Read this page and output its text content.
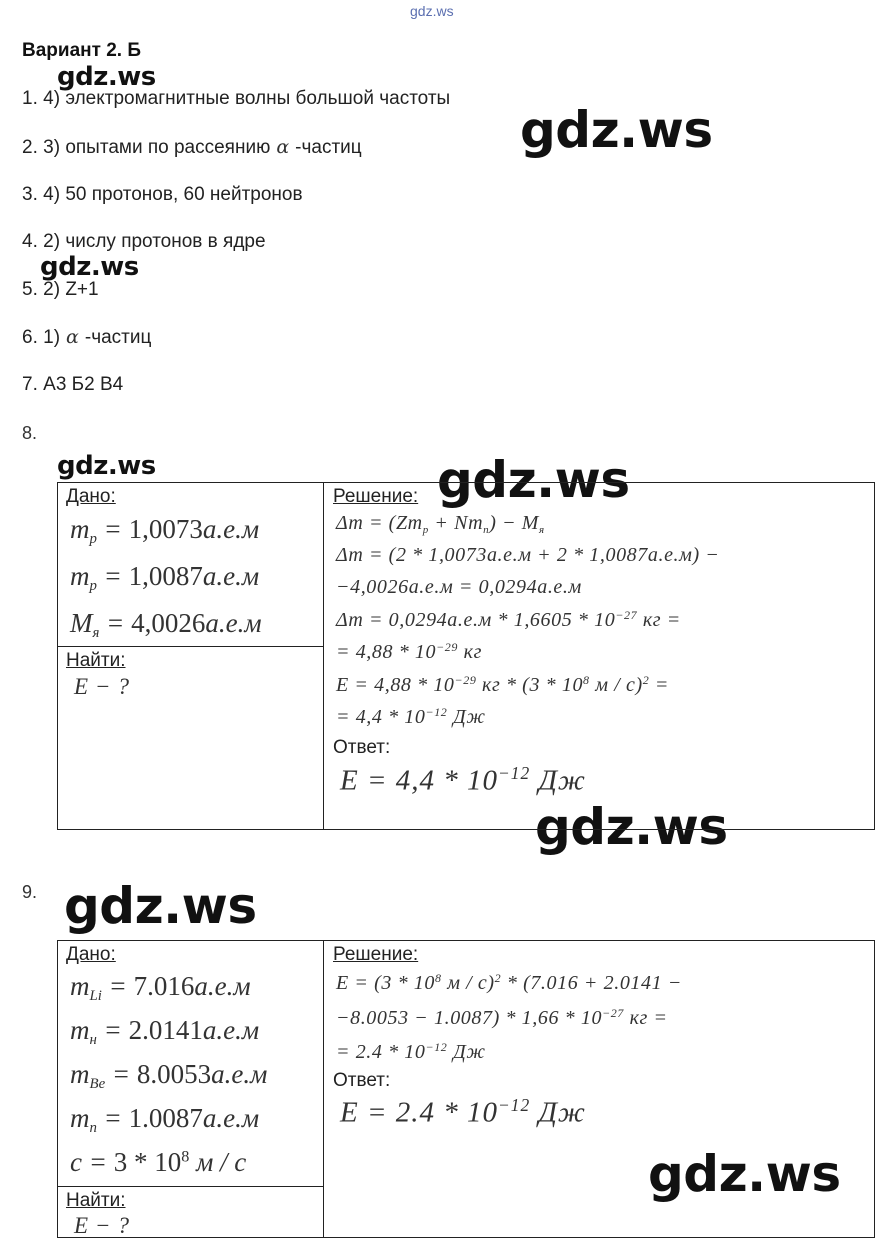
gdz.ws
Вариант 2. Б
1. 4) электромагнитные волны большой частоты
2. 3) опытами по рассеянию α -частиц
3. 4) 50 протонов, 60 нейтронов
4. 2) числу протонов в ядре
5. 2) Z+1
6. 1) α -частиц
7. А3 Б2 В4
gdz.ws
gdz.ws
gdz.ws
gdz.ws	gdz.ws
gdz.ws
gdz.ws
gdz.ws
8.
Дано:
$m_p = 1,0073а.е.м$
$m_p = 1,0087а.е.м$
$M_я = 4,0026а.е.м$
Найти:
E − ?
Решение:
$\Delta m = (Zm_p + Nm_n) - M_я$
Δm = (2 * 1,0073а.е.м + 2 * 1,0087а.е.м) −
−4,0026а.е.м = 0,0294а.е.м
$\Delta m = 0,0294а.е.м * 1,6605 * 10^{-27}$ кг =
= $4,88 * 10^{-29}$ кг
$E = 4,88 * 10^{-29}$ кг * ($3 * 10^8$ м / с)$^2$ =
= $4,4 * 10^{-12}$ Дж
Ответ:
$E = 4,4 * 10^{-12}$ Дж
9.
Дано:
$m_{Li} = 7.016а.е.м$
$m_н = 2.0141а.е.м$
$m_{Be} = 8.0053а.е.м$
$m_n = 1.0087а.е.м$
$c = 3 * 10^8$ м / с
Найти:
E − ?
Решение:
$E = (3 * 10^8$ м / с)$^2$ * (7.016 + 2.0141 −
$-8.0053 - 1.0087) * 1,66 * 10^{-27}$ кг =
= $2.4 * 10^{-12}$ Дж
Ответ:
$E = 2.4 * 10^{-12}$ Дж
